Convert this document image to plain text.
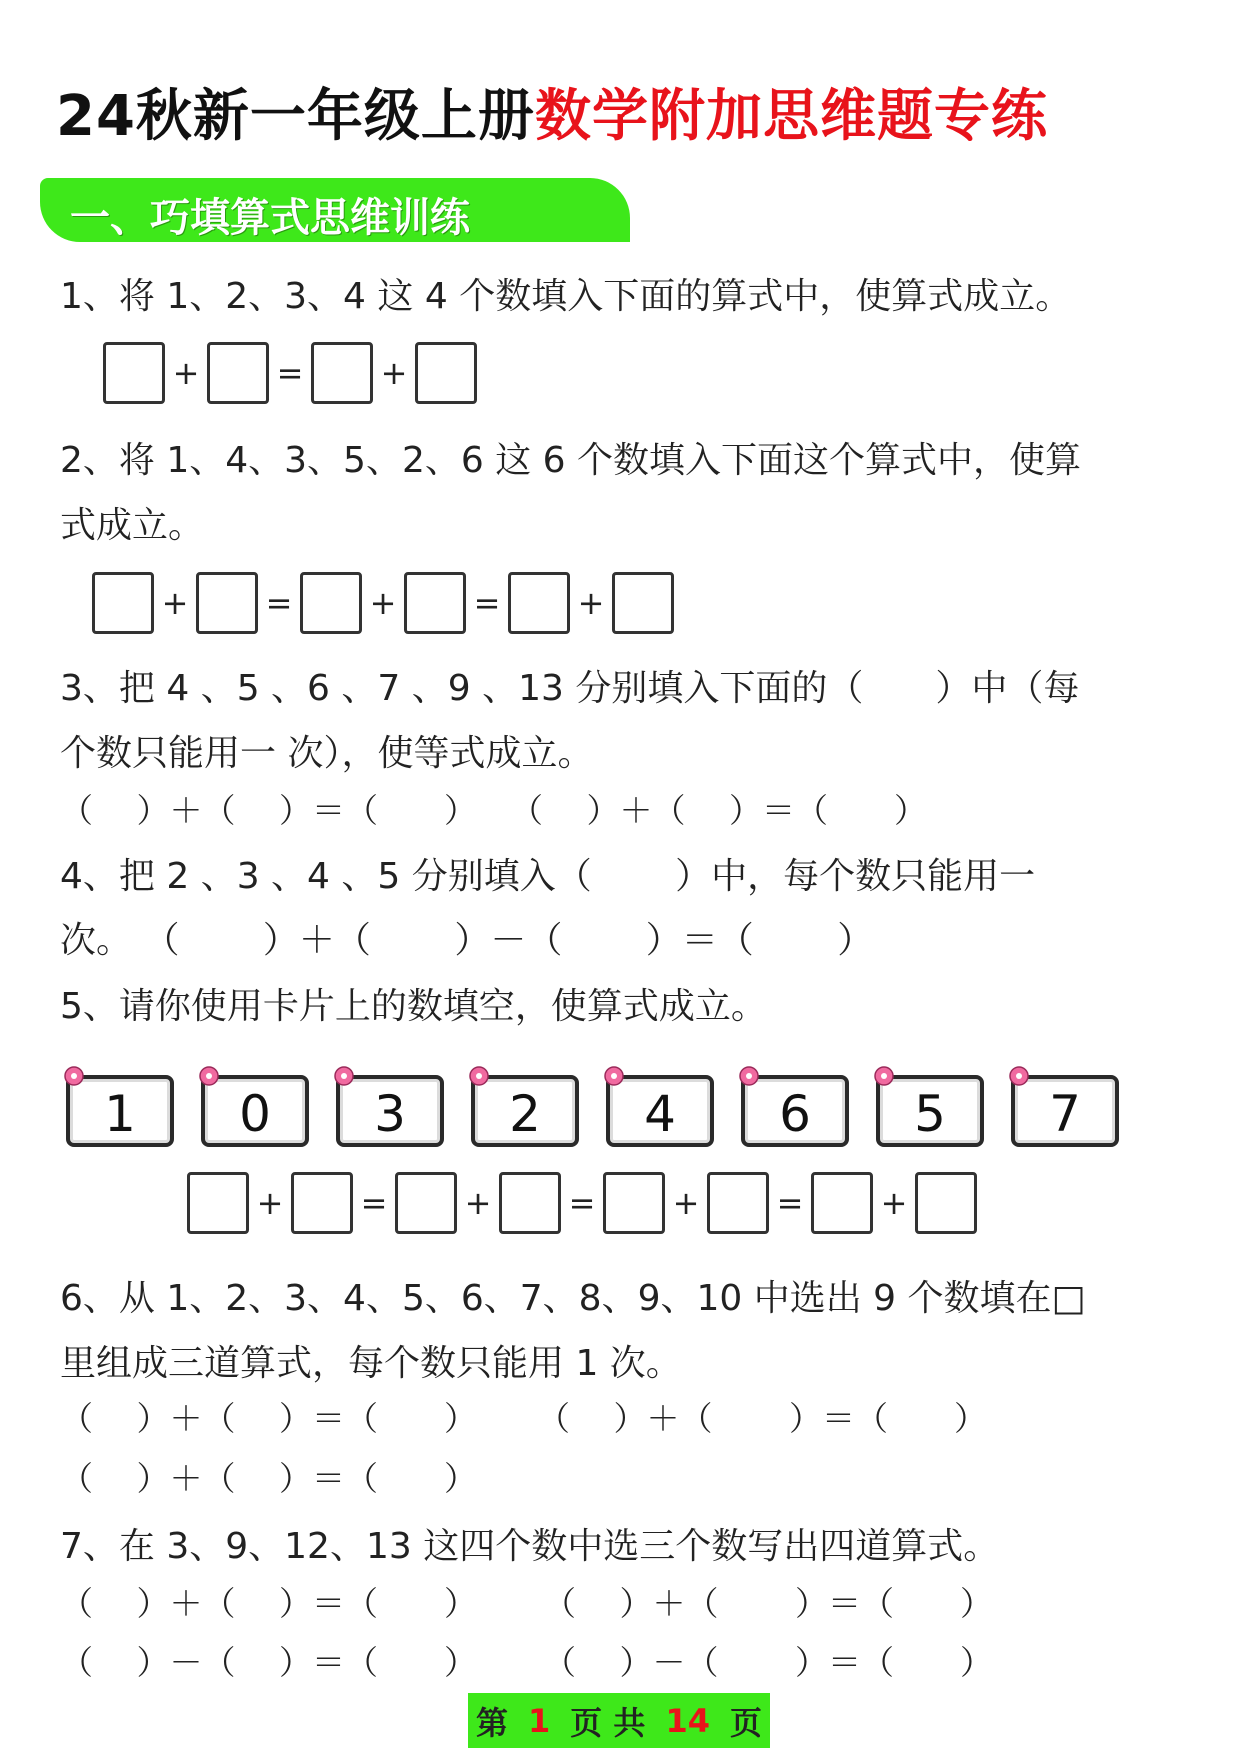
24秋新一年级上册数学附加思维题专练
一、巧填算式思维训练
1、将 1、2、3、4 这 4 个数填入下面的算式中，使算式成立。
+ = +
2、将 1、4、3、5、2、6 这 6 个数填入下面这个算式中，使算
式成立。
+ = + = +
3、把 4 、5 、6 、7 、9 、13 分别填入下面的（　　）中（每
个数只能用一 次），使等式成立。
（　 ）＋（　 ）＝（　　）　　（　 ）＋（　 ）＝（　　）
4、把 2 、3 、4 、5 分别填入（　　 ）中，每个数只能用一
次。 （　　 ）＋（　　 ）－（　　 ）＝（　　 ）
5、请你使用卡片上的数填空，使算式成立。
1	0	3	2	4	6	5	7
+ = + = + = +
6、从 1、2、3、4、5、6、7、8、9、10 中选出 9 个数填在□
里组成三道算式，每个数只能用 1 次。
（　 ）＋（　 ）＝（　　）　　 （　 ）＋（　　 ）＝（　　）
（　 ）＋（　 ）＝（　　）
7、在 3、9、12、13 这四个数中选三个数写出四道算式。
（　 ）＋（　 ）＝（　　）　　　（　 ）＋（　　 ）＝（　　）
（　 ）－（　 ）＝（　　）　　　（　 ）－（　　 ）＝（　　）
第 1 页 共 14 页
